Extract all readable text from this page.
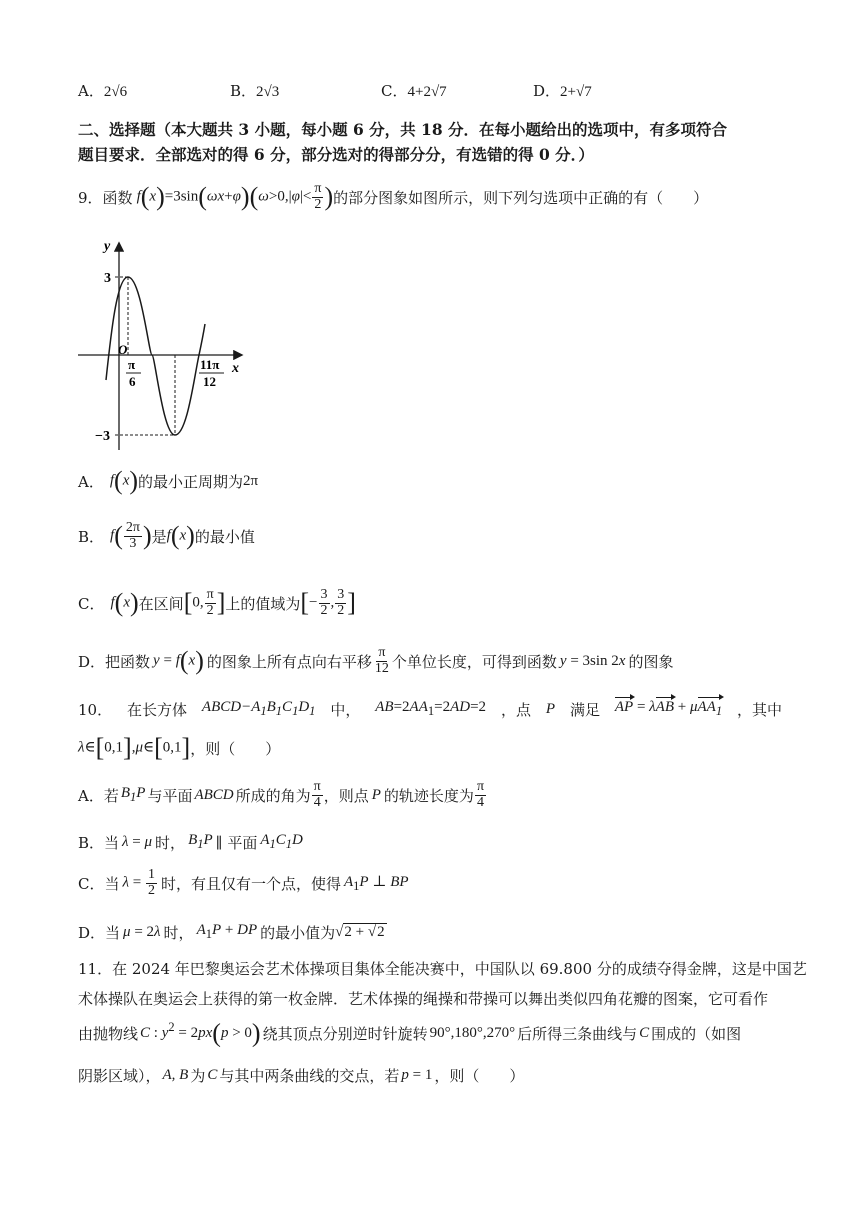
A．2√6	B．2√3	C．4+2√7	D．2+√7
二、选择题（本大题共 3 小题，每小题 6 分，共 18 分．在每小题给出的选项中，有多项符合
题目要求．全部选对的得 6 分，部分选对的得部分分，有选错的得 0 分．）
9． 函数 $f(x)=3\sin(\omega x+\varphi)(\omega>0,|\varphi|< \frac{\pi}{2}$ ) 的部分图象如图所示，则下列匀选项中正确的有（　　）
y
x
O
3
−3
π
6
11π
12
A． f(x) 的最小正周期为 2π
B． $f( \frac{2\pi}{3}$ ) 是 f(x) 的最小值
C． f(x) 在区间 [0, $\frac{\pi}{2}$ ] 上的值域为 [− $\frac{3}{2}$ , $\frac{3}{2}$ ]
D． 把函数 y = f(x) 的图象上所有点向右平移 $\frac{\pi}{12}$ 个单位长度，可得到函数 y = 3sin 2x 的图象
10． 在长方体 $ABCD-A_1B_1C_1D_1$ 中， $AB=2AA_1=2AD=2$ ，点 P 满足 AP = λAB + μAA$_1$ ，其中
λ∈[0,1],μ∈[0,1] ，则（　　）
A． 若 $B_1P$ 与平面 ABCD 所成的角为 $\frac{\pi}{4}$ ，则点 P 的轨迹长度为 $\frac{\pi}{4}$
B． 当 λ = μ 时， $B_1P$ ∥ 平面 $A_1C_1D$
C． 当 $\lambda = \frac{1}{2}$ 时，有且仅有一个点，使得 $A_1P$ ⊥ BP
D． 当 μ = 2λ 时， $A_1P$ + DP 的最小值为 √2 + √2
11．在 2024 年巴黎奥运会艺术体操项目集体全能决赛中，中国队以 69.800 分的成绩夺得金牌，这是中国艺
术体操队在奥运会上获得的第一枚金牌．艺术体操的绳操和带操可以舞出类似四角花瓣的图案，它可看作
由抛物线 C : $y^2 = 2px(p > 0)$ 绕其顶点分别逆时针旋转 90°,180°,270° 后所得三条曲线与 C 围成的（如图
阴影区域）， A, B 为 C 与其中两条曲线的交点，若 p = 1 ，则（　　）
